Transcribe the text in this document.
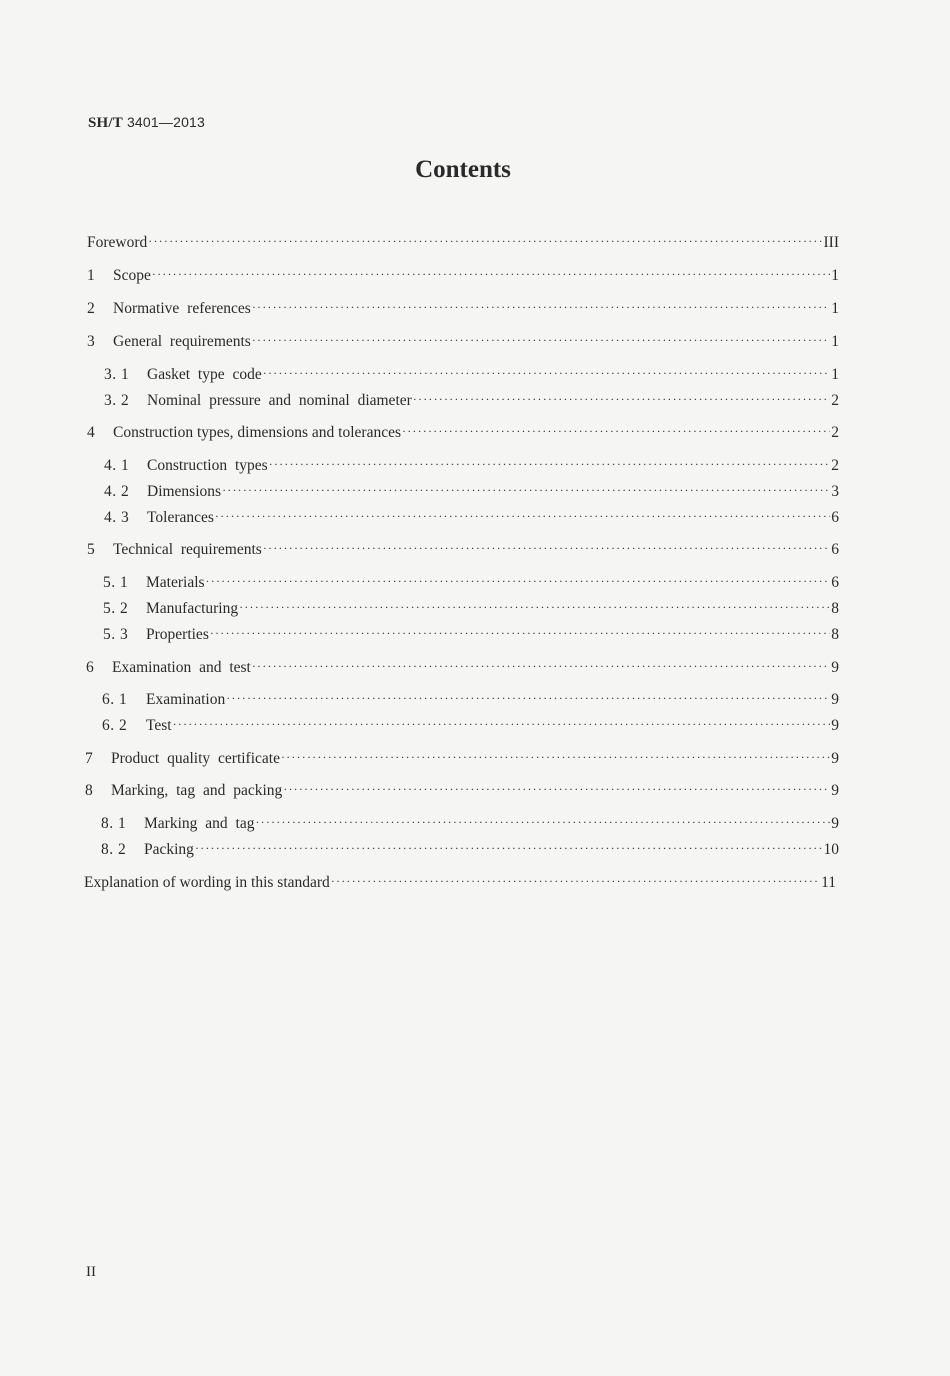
SH/T 3401—2013
Contents
Foreword ·····	III
1	Scope ·····	1
2	Normative references ·····	1
3	General requirements ·····	1
3. 1	Gasket type code ·····	1
3. 2	Nominal pressure and nominal diameter ·····	2
4	Construction types, dimensions and tolerances ·····	2
4. 1	Construction types ·····	2
4. 2	Dimensions ·····	3
4. 3	Tolerances ·····	6
5	Technical requirements ·····	6
5. 1	Materials ·····	6
5. 2	Manufacturing ·····	8
5. 3	Properties ·····	8
6	Examination and test ·····	9
6. 1	Examination ·····	9
6. 2	Test ·····	9
7	Product quality certificate ·····	9
8	Marking, tag and packing ·····	9
8. 1	Marking and tag ·····	9
8. 2	Packing ·····	10
Explanation of wording in this standard ·····	11
II
